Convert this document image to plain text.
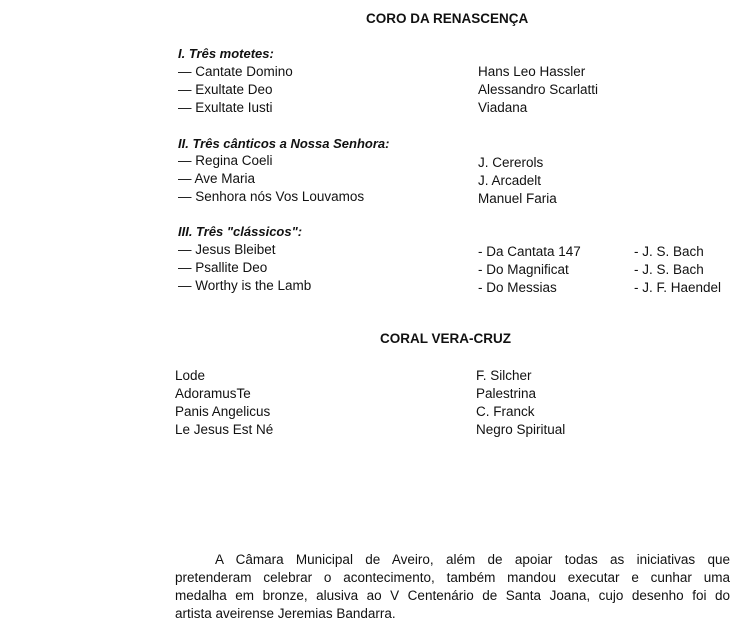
CORO DA RENASCENÇA
I. Três motetes:
— Cantate Domino	Hans Leo Hassler
— Exultate Deo	Alessandro Scarlatti
— Exultate Iusti	Viadana
II. Três cânticos a Nossa Senhora:
— Regina Coeli	J. Cererols
— Ave Maria	J. Arcadelt
— Senhora nós Vos Louvamos	Manuel Faria
III. Três "clássicos":
— Jesus Bleibet	- Da Cantata 147	- J. S. Bach
— Psallite Deo	- Do Magnificat	- J. S. Bach
— Worthy is the Lamb	- Do Messias	- J. F. Haendel
CORAL VERA-CRUZ
Lode	F. Silcher
AdoramusTe	Palestrina
Panis Angelicus	C. Franck
Le Jesus Est Né	Negro Spiritual
A Câmara Municipal de Aveiro, além de apoiar todas as iniciativas que
pretenderam celebrar o acontecimento, também mandou executar e cunhar uma
medalha em bronze, alusiva ao V Centenário de Santa Joana, cujo desenho foi do
artista aveirense Jeremias Bandarra.
